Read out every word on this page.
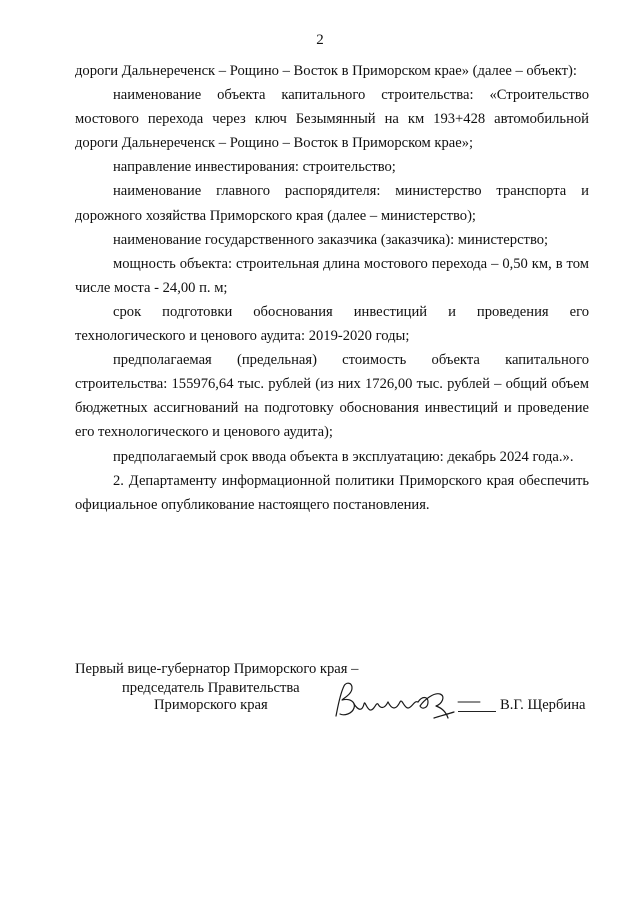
2

дороги Дальнереченск – Рощино – Восток в Приморском крае» (далее – объект):

наименование объекта капитального строительства: «Строительство мостового перехода через ключ Безымянный на км 193+428 автомобильной дороги Дальнереченск – Рощино – Восток в Приморском крае»;

направление инвестирования: строительство;

наименование главного распорядителя: министерство транспорта и дорожного хозяйства Приморского края (далее – министерство);

наименование государственного заказчика (заказчика): министерство;

мощность объекта: строительная длина мостового перехода – 0,50 км, в том числе моста - 24,00 п. м;

срок подготовки обоснования инвестиций и проведения его технологического и ценового аудита: 2019-2020 годы;

предполагаемая (предельная) стоимость объекта капитального строительства: 155976,64 тыс. рублей (из них 1726,00 тыс. рублей – общий объем бюджетных ассигнований на подготовку обоснования инвестиций и проведение его технологического и ценового аудита);

предполагаемый срок ввода объекта в эксплуатацию: декабрь 2024 года.».

2. Департаменту информационной политики Приморского края обеспечить официальное опубликование настоящего постановления.

Первый вице-губернатор Приморского края –
председатель Правительства
Приморского края	В.Г. Щербина
